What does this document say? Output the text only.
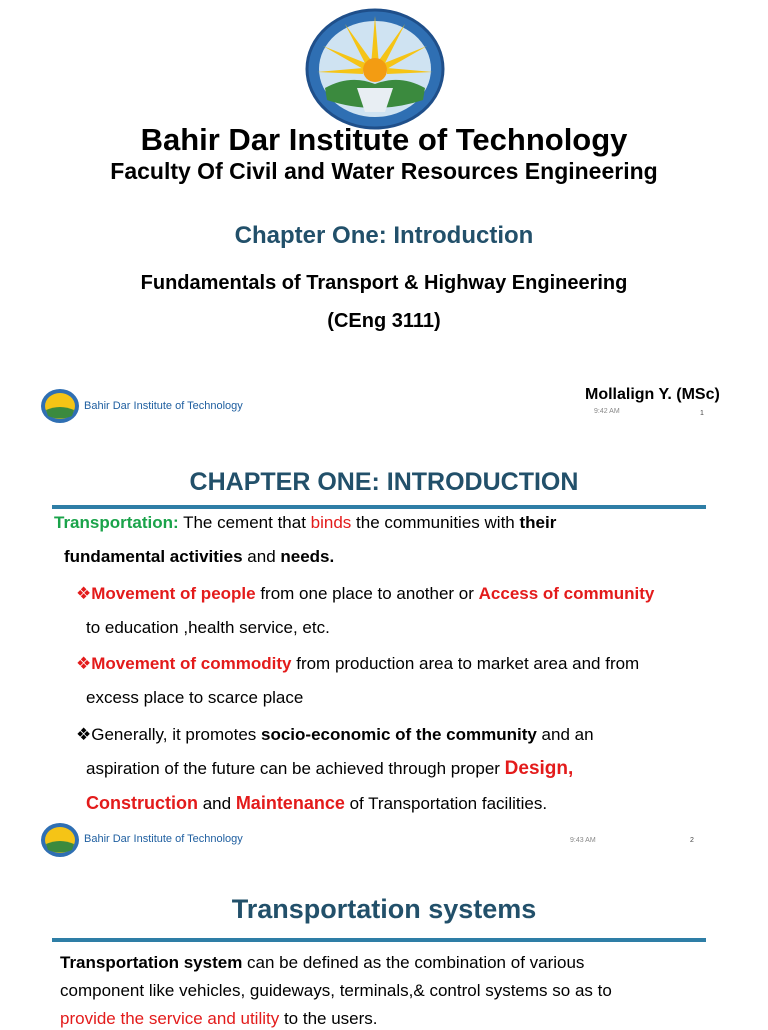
Bahir Dar Institute of Technology
Faculty Of Civil and Water Resources Engineering
Chapter One: Introduction
Fundamentals of Transport & Highway Engineering
(CEng 3111)
Mollalign Y. (MSc)
Bahir Dar Institute of Technology	9:42 AM	1
CHAPTER ONE: INTRODUCTION
Transportation: The cement that binds the communities with their
fundamental activities and needs.
❖Movement of people from one place to another or Access of community
to education ,health service, etc.
❖Movement of commodity from production area to market area and from
excess place to scarce place
❖Generally, it promotes socio-economic of the community and an
aspiration of the future can be achieved through proper Design,
Construction and Maintenance of Transportation facilities.
Bahir Dar Institute of Technology	9:43 AM	2
Transportation systems
Transportation system can be defined as the combination of various
component like vehicles, guideways, terminals,& control systems so as to
provide the service and utility to the users.
